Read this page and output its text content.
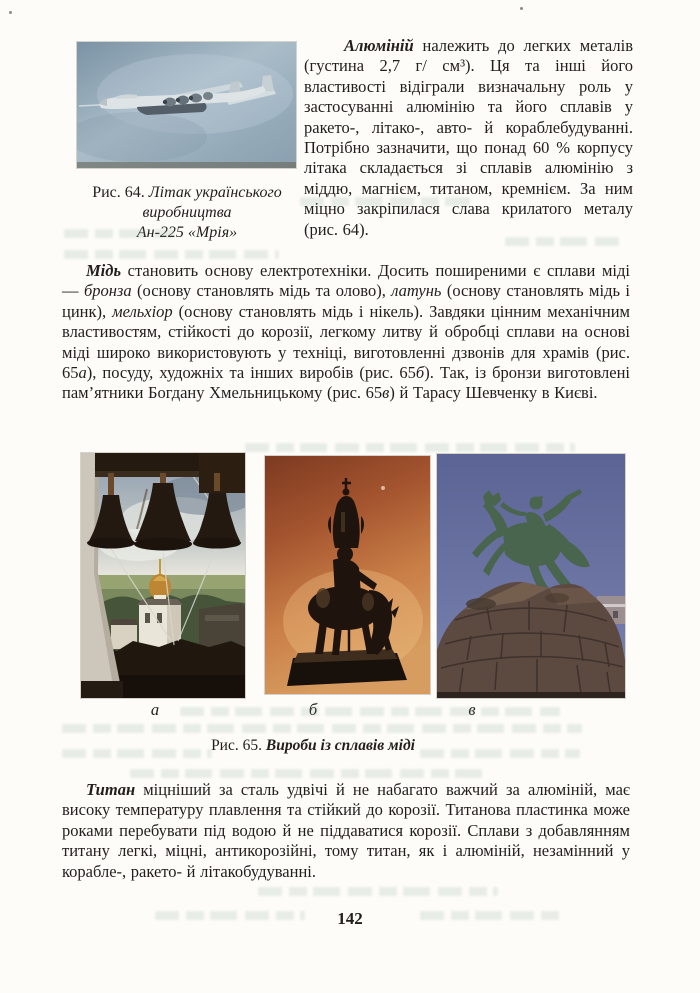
Рис. 64. Літак українського
виробництва
Ан-225 «Мрія»

Алюміній належить до легких металів (густина 2,7 г/ см³). Ця та інші його властивості відіграли визначальну роль у застосуванні алюмінію та його сплавів у ракето-, літако-, авто- й кораблебудуванні. Потрібно зазначити, що понад 60 % корпусу літака складається зі сплавів алюмінію з міддю, магнієм, титаном, кремнієм. За ним міцно закріпилася слава крилатого металу (рис. 64).

Мідь становить основу електротехніки. Досить поширеними є сплави міді — бронза (основу становлять мідь та олово), латунь (основу становлять мідь і цинк), мельхіор (основу становлять мідь і нікель). Завдяки цінним механічним властивостям, стійкості до корозії, легкому литву й обробці сплави на основі міді широко використовують у техніці, виготовленні дзвонів для храмів (рис. 65а), посуду, художніх та інших виробів (рис. 65б). Так, із бронзи виготовлені пам’ятники Богдану Хмельницькому (рис. 65в) й Тарасу Шевченку в Києві.

а	б	в
Рис. 65. Вироби із сплавів міді

Титан міцніший за сталь удвічі й не набагато важчий за алюміній, має високу температуру плавлення та стійкий до корозії. Титанова пластинка може роками перебувати під водою й не піддаватися корозії. Сплави з добавлянням титану легкі, міцні, антикорозійні, тому титан, як і алюміній, незамінний у корабле-, ракето- й літакобудуванні.

142
